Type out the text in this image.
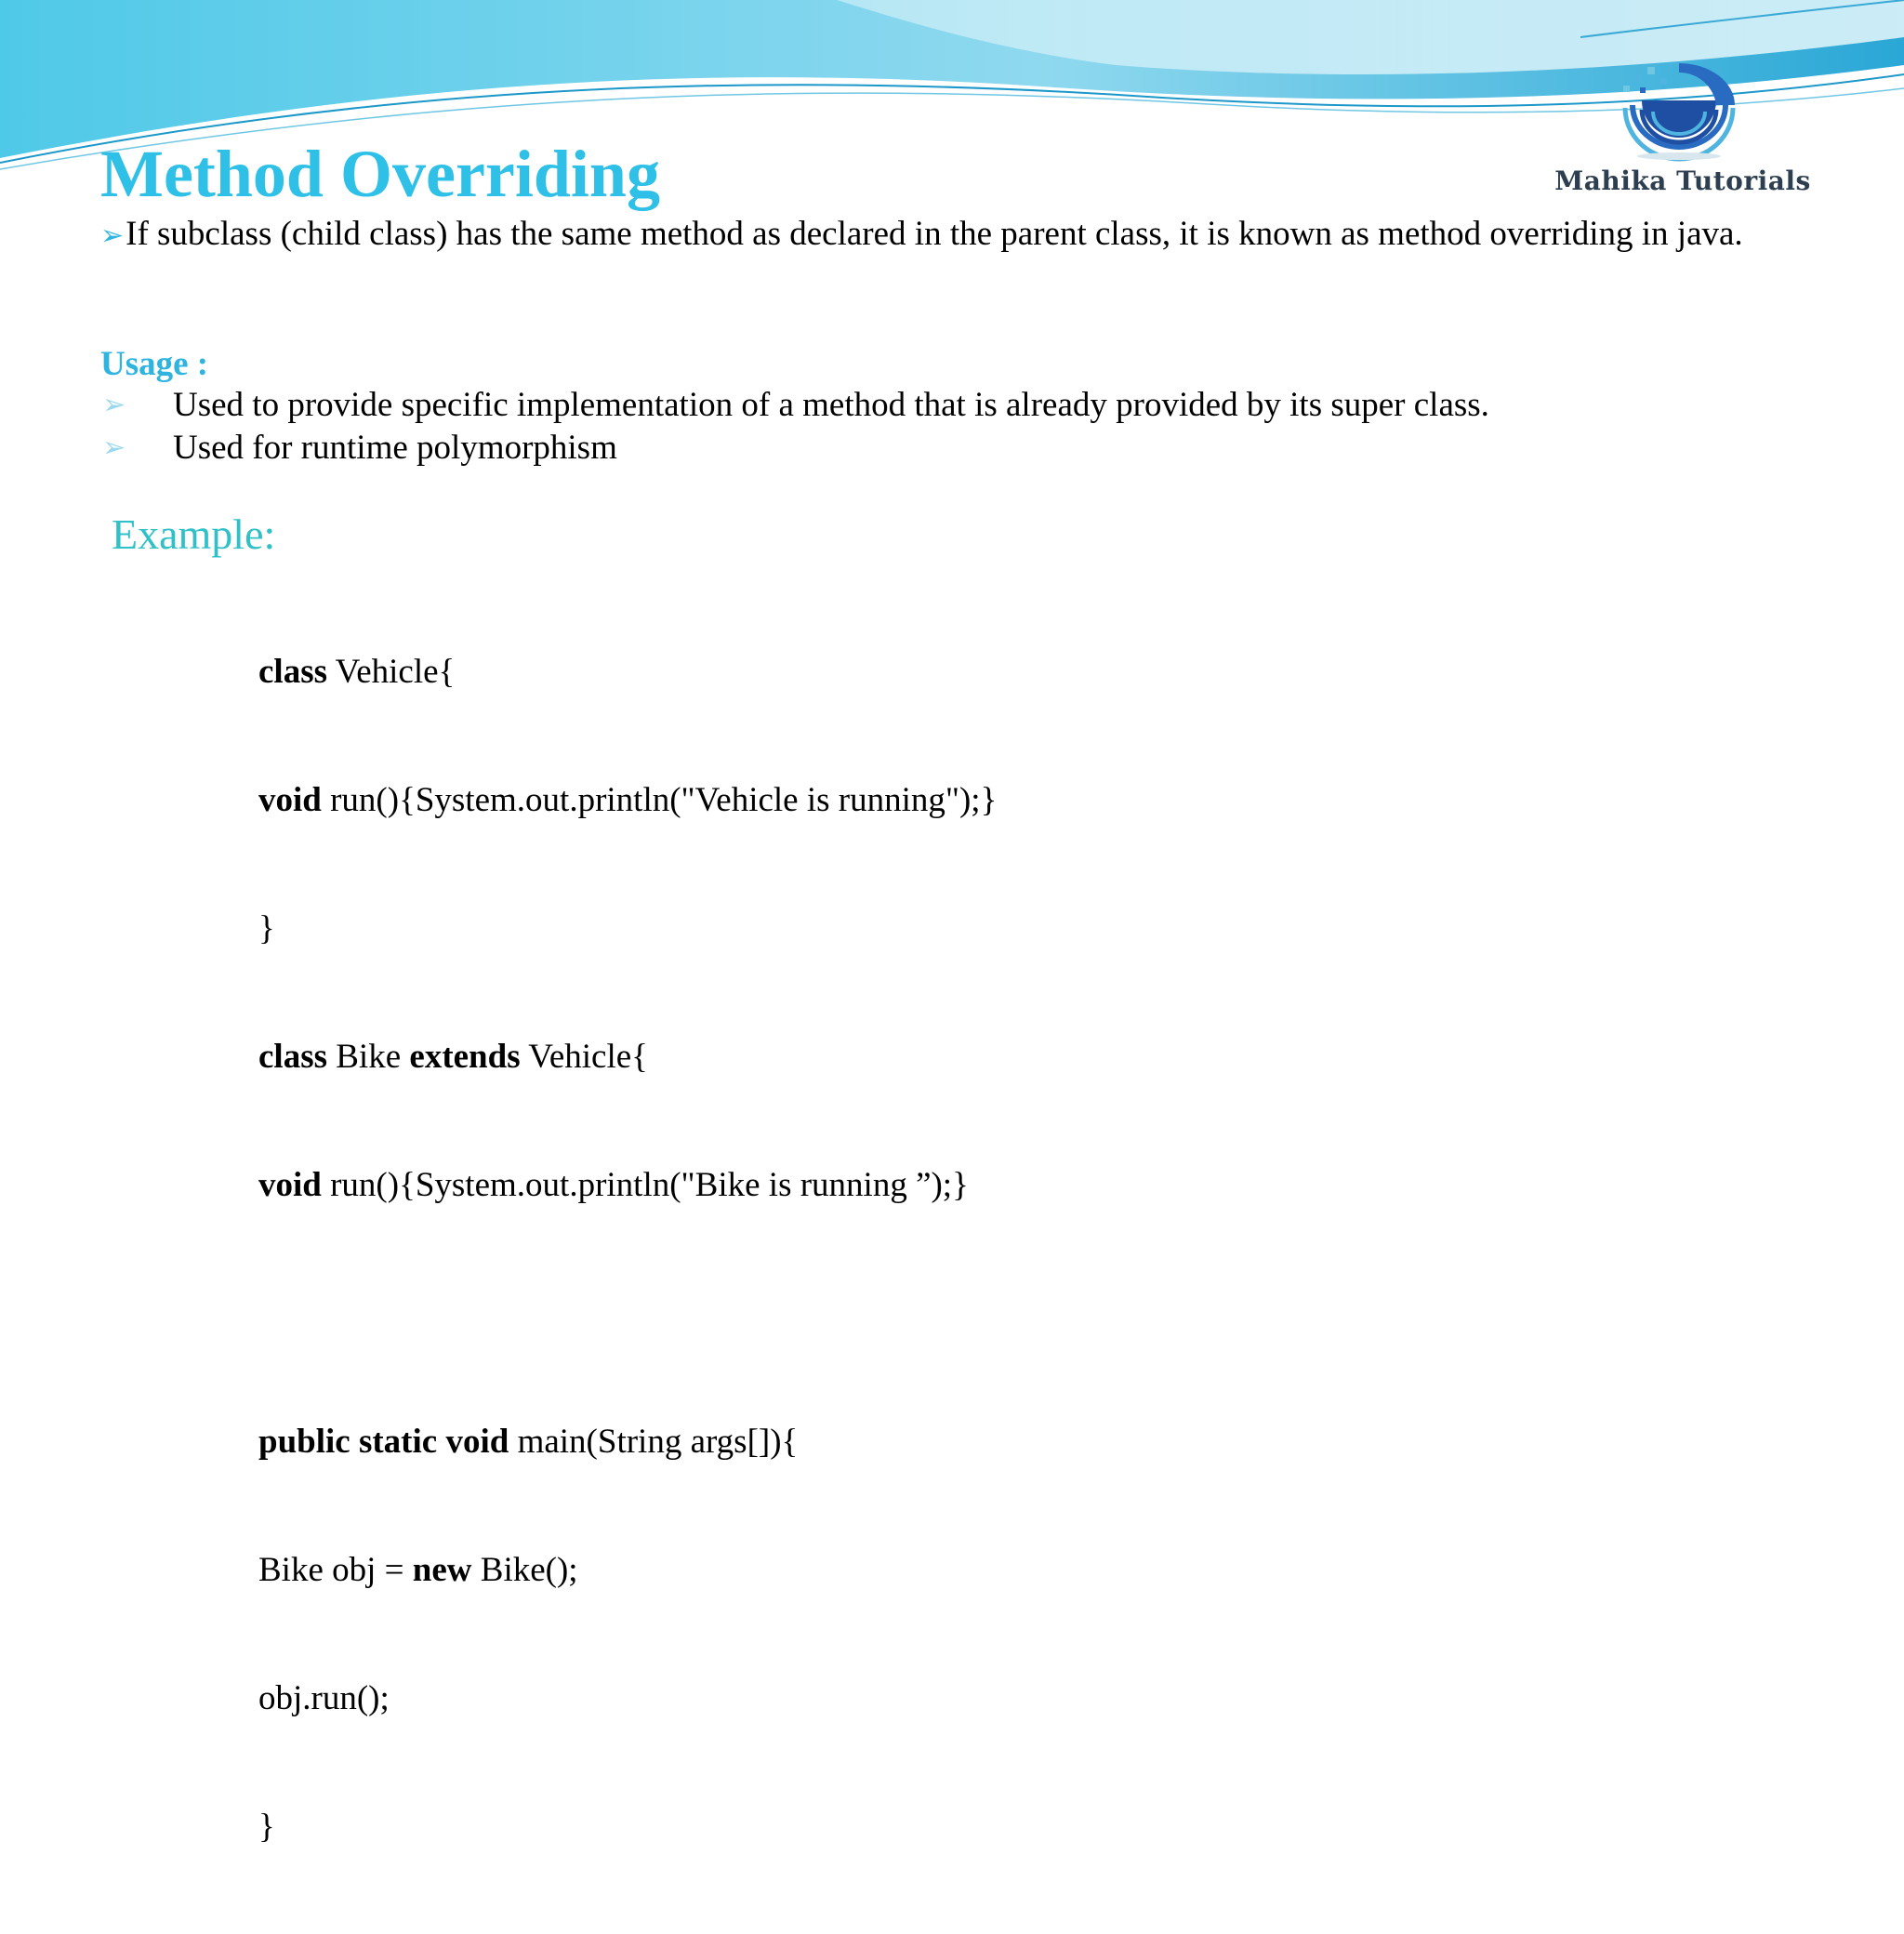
Mahika Tutorials
Method Overriding
➢If subclass (child class) has the same method as declared in the parent class, it is known as method overriding in java.
Usage :
➢ Used to provide specific implementation of a method that is already provided by its super class.
➢ Used for runtime polymorphism
Example:

class Vehicle{

void run(){System.out.println("Vehicle is running");}

}

class Bike extends Vehicle{

void run(){System.out.println("Bike is running ”);}

public static void main(String args[]){

Bike obj = new Bike();

obj.run();

}
